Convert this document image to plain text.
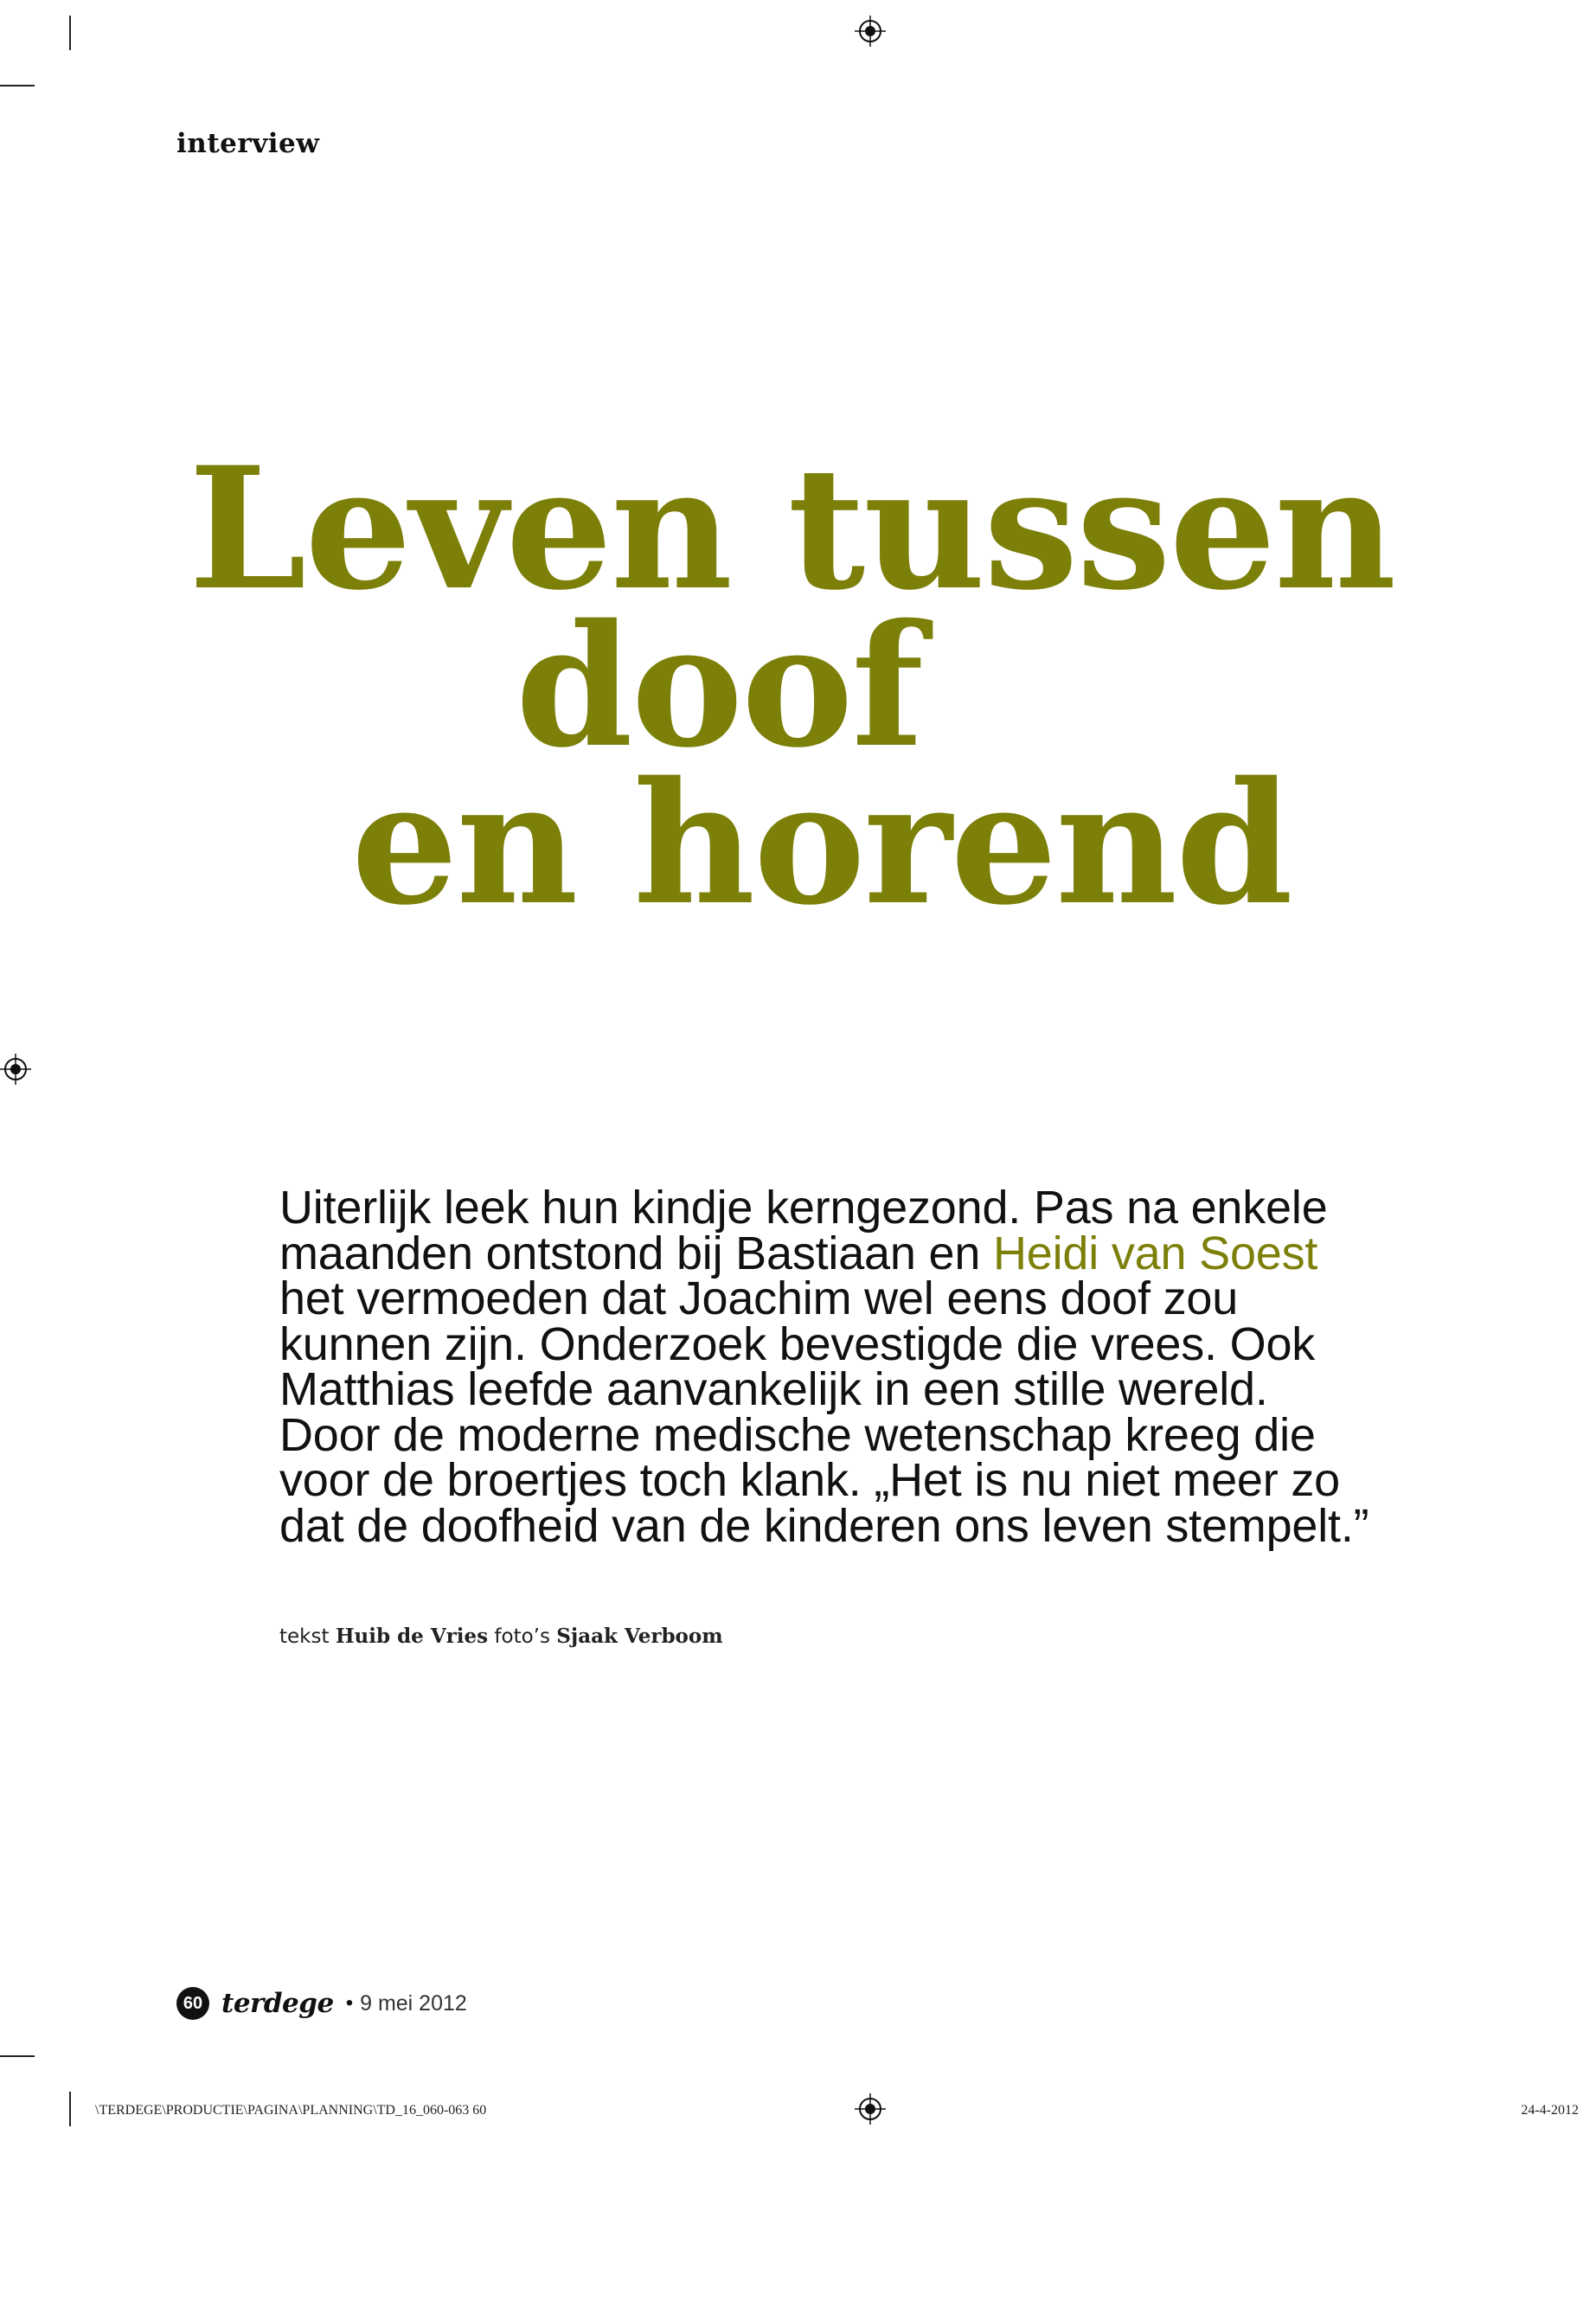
interview
Leven tussen
doof
en horend

Uiterlijk leek hun kindje kerngezond. Pas na enkele
maanden ontstond bij Bastiaan en Heidi van Soest
het vermoeden dat Joachim wel eens doof zou
kunnen zijn. Onderzoek bevestigde die vrees. Ook
Matthias leefde aanvankelijk in een stille wereld.
Door de moderne medische wetenschap kreeg die
voor de broertjes toch klank. „Het is nu niet meer zo
dat de doofheid van de kinderen ons leven stempelt.”

tekst Huib de Vries foto’s Sjaak Verboom
60 terdege • 9 mei 2012
\TERDEGE\PRODUCTIE\PAGINA\PLANNING\TD_16_060-063 60	24-4-2012
